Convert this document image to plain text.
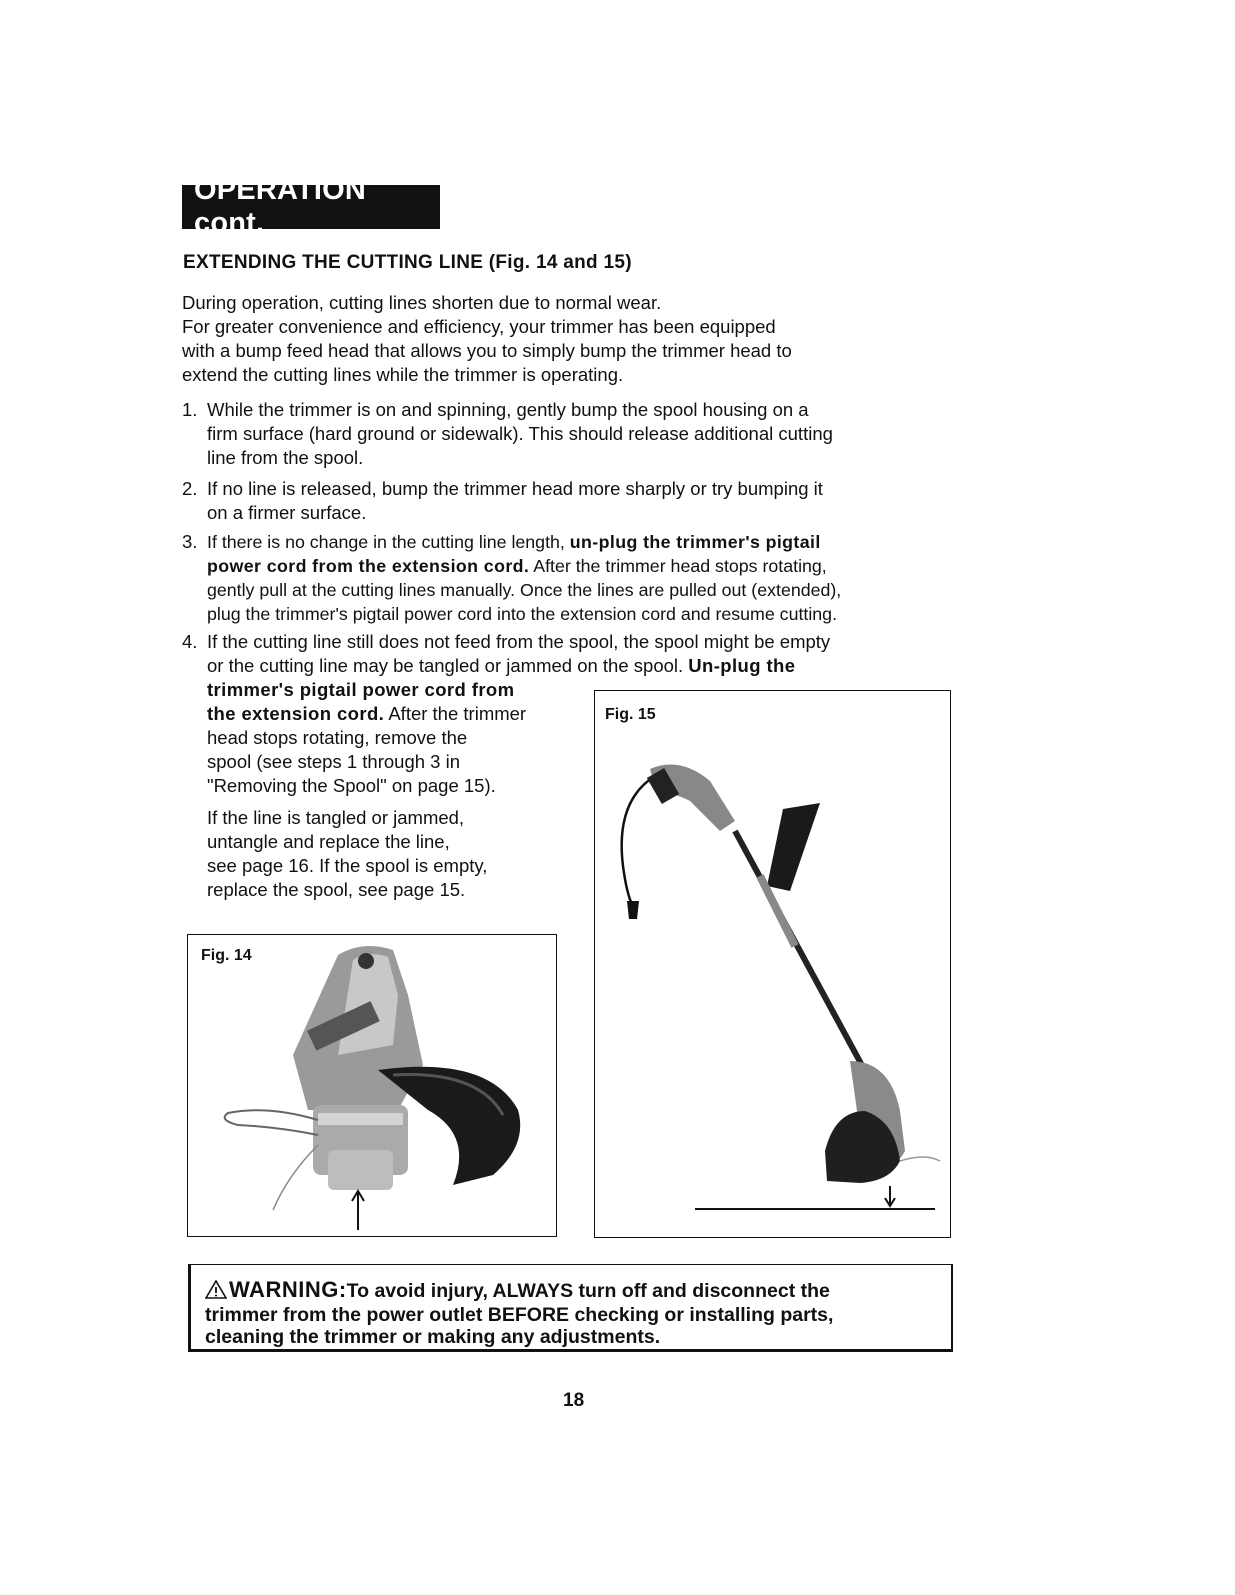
OPERATION cont.
EXTENDING THE CUTTING LINE (Fig. 14 and 15)

During operation, cutting lines shorten due to normal wear.

For greater convenience and efficiency, your trimmer has been equipped

with a bump feed head that allows you to simply bump the trimmer head to

extend the cutting lines while the trimmer is operating.

1. While the trimmer is on and spinning, gently bump the spool housing on a

firm surface (hard ground or sidewalk). This should release additional cutting

line from the spool.

2. If no line is released, bump the trimmer head more sharply or try bumping it

on a firmer surface.

3. If there is no change in the cutting line length, un-plug the trimmer's pigtail

power cord from the extension cord. After the trimmer head stops rotating,

gently pull at the cutting lines manually. Once the lines are pulled out (extended),

plug the trimmer's pigtail power cord into the extension cord and resume cutting.

4. If the cutting line still does not feed from the spool, the spool might be empty

or the cutting line may be tangled or jammed on the spool. Un-plug the

trimmer's pigtail power cord from

the extension cord. After the trimmer

head stops rotating, remove the

spool (see steps 1 through 3 in

"Removing the Spool" on page 15).

If the line is tangled or jammed,

untangle and replace the line,

see page 16. If the spool is empty,

replace the spool, see page 15.

Fig. 14
Fig. 15

WARNING:To avoid injury, ALWAYS turn off and disconnect the

trimmer from the power outlet BEFORE checking or installing parts,

cleaning the trimmer or making any adjustments.

18
